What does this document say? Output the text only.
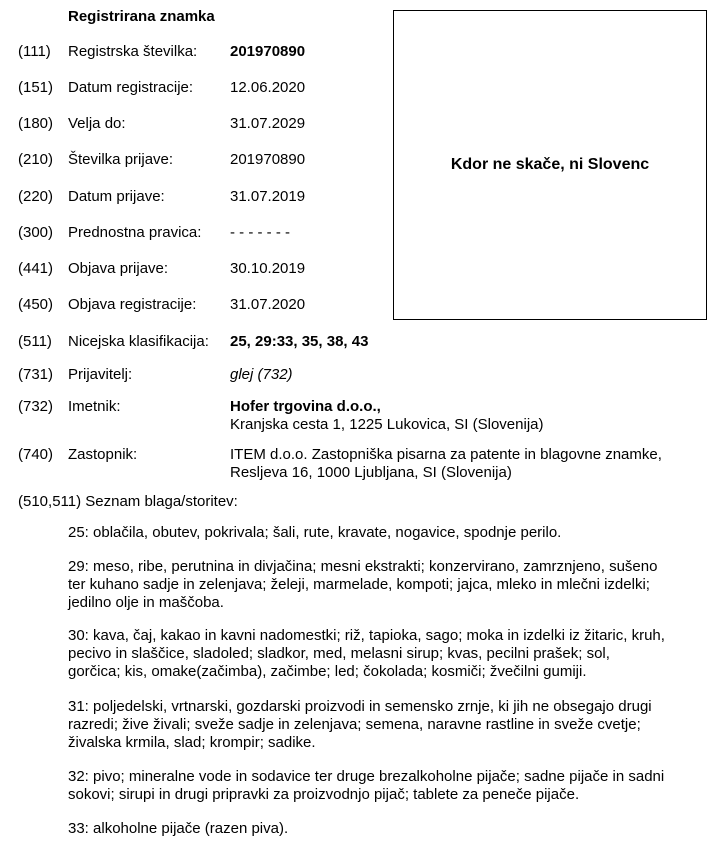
Registrirana znamka
(111) Registrska številka: 201970890
(151) Datum registracije: 12.06.2020
(180) Velja do:	31.07.2029
(210) Številka prijave:	201970890
(220) Datum prijave:	31.07.2019
(300) Prednostna pravica: - - - - - - -
(441) Objava prijave:	30.10.2019
(450) Objava registracije: 31.07.2020
(511) Nicejska klasifikacija: 25, 29:33, 35, 38, 43
(731) Prijavitelj:	glej (732)
Kdor ne skače, ni Slovenc
(732) Imetnik:	Hofer trgovina d.o.o.,
Kranjska cesta 1, 1225 Lukovica, SI (Slovenija)
(740) Zastopnik:	ITEM d.o.o. Zastopniška pisarna za patente in blagovne znamke,
Resljeva 16, 1000 Ljubljana, SI (Slovenija)
(510,511) Seznam blaga/storitev:
25: oblačila, obutev, pokrivala; šali, rute, kravate, nogavice, spodnje perilo.
29: meso, ribe, perutnina in divjačina; mesni ekstrakti; konzervirano, zamrznjeno, sušeno
ter kuhano sadje in zelenjava; želeji, marmelade, kompoti; jajca, mleko in mlečni izdelki;
jedilno olje in maščoba.
30: kava, čaj, kakao in kavni nadomestki; riž, tapioka, sago; moka in izdelki iz žitaric, kruh,
pecivo in slaščice, sladoled; sladkor, med, melasni sirup; kvas, pecilni prašek; sol,
gorčica; kis, omake(začimba), začimbe; led; čokolada; kosmiči; žvečilni gumiji.
31: poljedelski, vrtnarski, gozdarski proizvodi in semensko zrnje, ki jih ne obsegajo drugi
razredi; žive živali; sveže sadje in zelenjava; semena, naravne rastline in sveže cvetje;
živalska krmila, slad; krompir; sadike.
32: pivo; mineralne vode in sodavice ter druge brezalkoholne pijače; sadne pijače in sadni
sokovi; sirupi in drugi pripravki za proizvodnjo pijač; tablete za peneče pijače.
33: alkoholne pijače (razen piva).
